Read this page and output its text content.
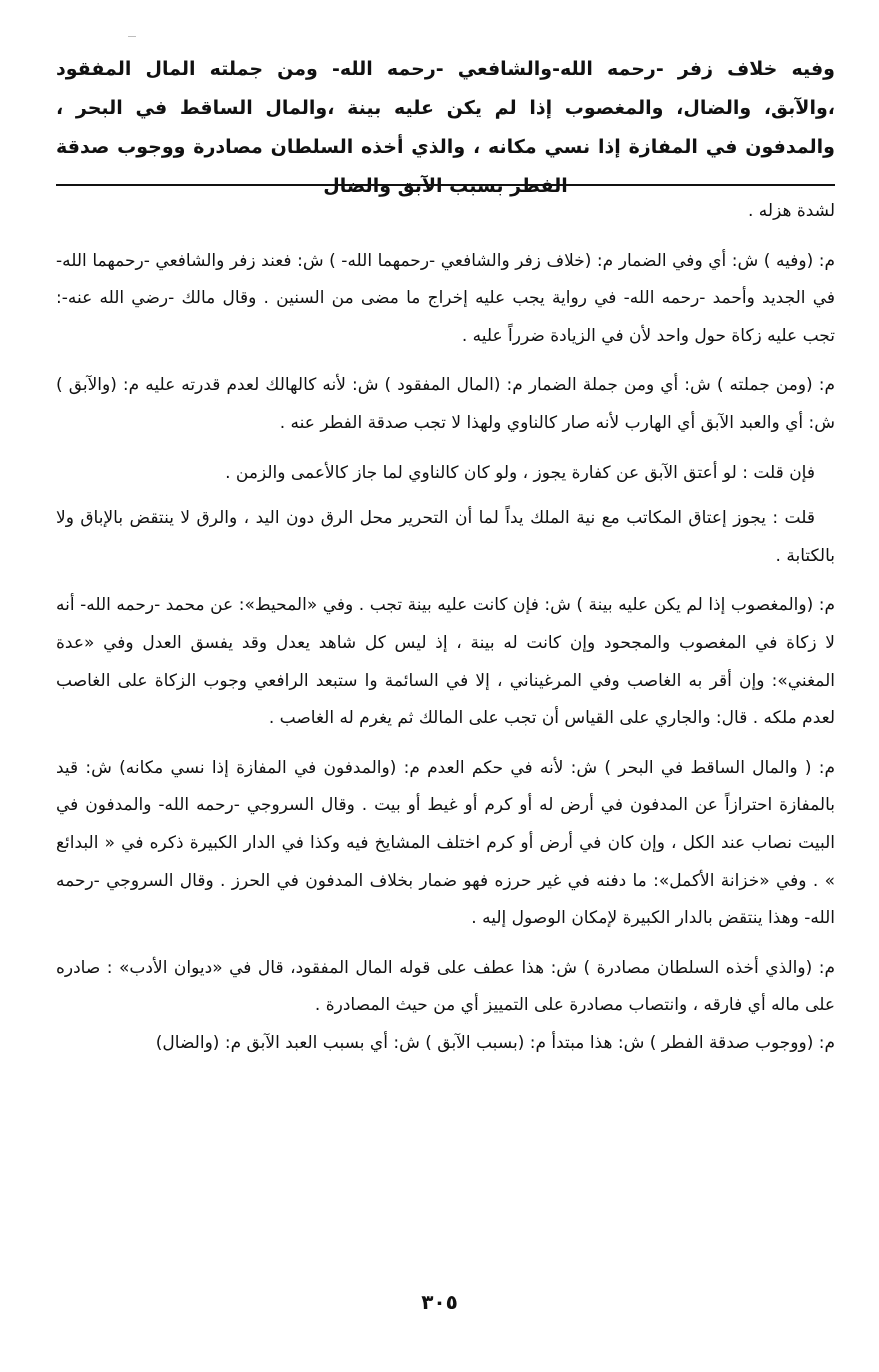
وفيه خلاف زفر -رحمه الله-والشافعي -رحمه الله- ومن جملته المال المفقود ،والآبق، والضال، والمغصوب إذا لم يكن عليه بينة ،والمال الساقط في البحر ، والمدفون في المفازة إذا نسي مكانه ، والذي أخذه السلطان مصادرة ووجوب صدقة الفطر بسبب الآبق والضال

لشدة هزله .

م: (وفيه ) ش: أي وفي الضمار م: (خلاف زفر والشافعي -رحمهما الله- ) ش: فعند زفر والشافعي -رحمهما الله- في الجديد وأحمد -رحمه الله- في رواية يجب عليه إخراج ما مضى من السنين . وقال مالك -رضي الله عنه-: تجب عليه زكاة حول واحد لأن في الزيادة ضرراً عليه .

م: (ومن جملته ) ش: أي ومن جملة الضمار م: (المال المفقود ) ش: لأنه كالهالك لعدم قدرته عليه م: (والآبق ) ش: أي والعبد الآبق أي الهارب لأنه صار كالناوي ولهذا لا تجب صدقة الفطر عنه .

فإن قلت : لو أعتق الآبق عن كفارة يجوز ، ولو كان كالناوي لما جاز كالأعمى والزمن .

قلت : يجوز إعتاق المكاتب مع نية الملك يداً لما أن التحرير محل الرق دون اليد ، والرق لا ينتقض بالإباق ولا بالكتابة .

م: (والمغصوب إذا لم يكن عليه بينة ) ش: فإن كانت عليه بينة تجب . وفي «المحيط»: عن محمد -رحمه الله- أنه لا زكاة في المغصوب والمجحود وإن كانت له بينة ، إذ ليس كل شاهد يعدل وقد يفسق العدل وفي «عدة المغني»: وإن أقر به الغاصب وفي المرغيناني ، إلا في السائمة وا ستبعد الرافعي وجوب الزكاة على الغاصب لعدم ملكه . قال: والجاري على القياس أن تجب على المالك ثم يغرم له الغاصب .

م: ( والمال الساقط في البحر ) ش: لأنه في حكم العدم م: (والمدفون في المفازة إذا نسي مكانه) ش: قيد بالمفازة احترازاً عن المدفون في أرض له أو كرم أو غيط أو بيت . وقال السروجي -رحمه الله- والمدفون في البيت نصاب عند الكل ، وإن كان في أرض أو كرم اختلف المشايخ فيه وكذا في الدار الكبيرة ذكره في « البدائع » . وفي «خزانة الأكمل»: ما دفنه في غير حرزه فهو ضمار بخلاف المدفون في الحرز . وقال السروجي -رحمه الله- وهذا ينتقض بالدار الكبيرة لإمكان الوصول إليه .

م: (والذي أخذه السلطان مصادرة ) ش: هذا عطف على قوله المال المفقود، قال في «ديوان الأدب» : صادره على ماله أي فارقه ، وانتصاب مصادرة على التمييز أي من حيث المصادرة .

م: (ووجوب صدقة الفطر ) ش: هذا مبتدأ م: (بسبب الآبق ) ش: أي بسبب العبد الآبق م: (والضال)

٣٠٥
